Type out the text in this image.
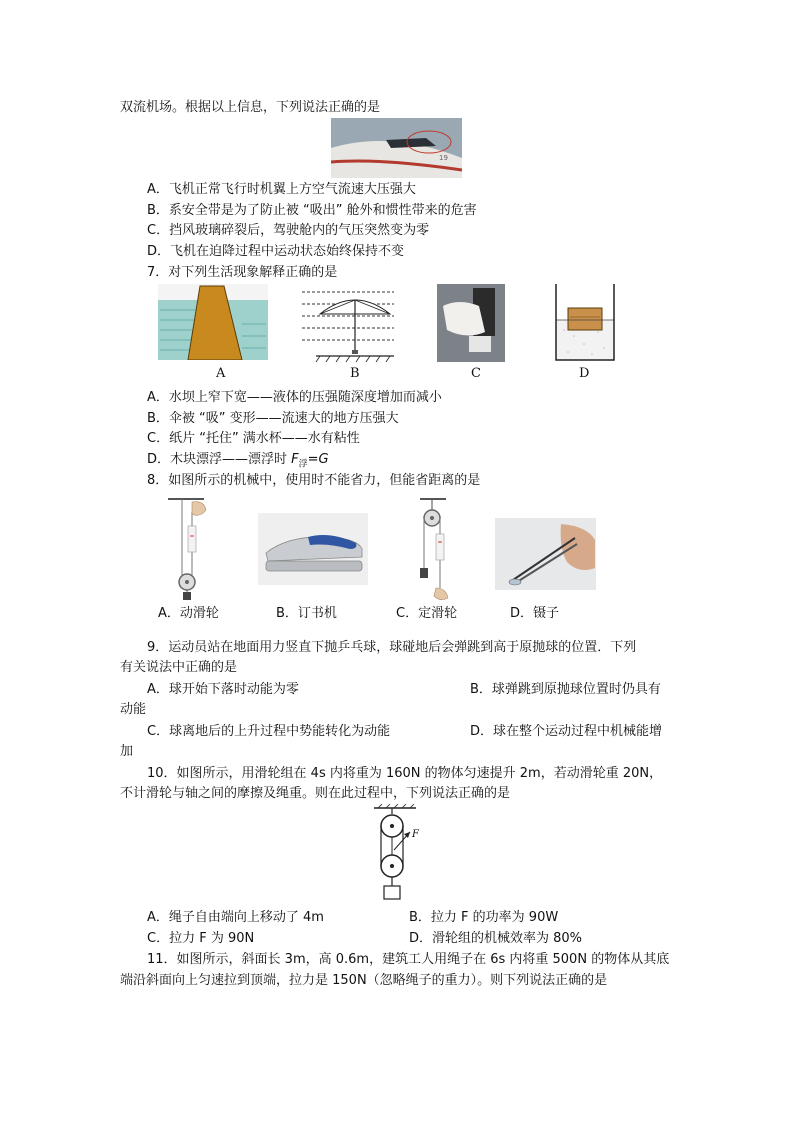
双流机场。根据以上信息，下列说法正确的是
19
A．飞机正常飞行时机翼上方空气流速大压强大
B．系安全带是为了防止被 “吸出” 舱外和惯性带来的危害
C．挡风玻璃碎裂后，驾驶舱内的气压突然变为零
D．飞机在迫降过程中运动状态始终保持不变
7．对下列生活现象解释正确的是
A	B	C	D
A．水坝上窄下宽——液体的压强随深度增加而减小
B．伞被 “吸” 变形——流速大的地方压强大
C．纸片 “托住” 满水杯——水有粘性
D．木块漂浮——漂浮时 $F_浮=G$
8．如图所示的机械中，使用时不能省力，但能省距离的是
A．动滑轮	B．订书机	C．定滑轮	D．镊子
9．运动员站在地面用力竖直下抛乒乓球，球碰地后会弹跳到高于原抛球的位置．下列
有关说法中正确的是
A．球开始下落时动能为零	B．球弹跳到原抛球位置时仍具有
动能
C．球离地后的上升过程中势能转化为动能	D．球在整个运动过程中机械能增
加
10．如图所示，用滑轮组在 4s 内将重为 160N 的物体匀速提升 2m，若动滑轮重 20N，
不计滑轮与轴之间的摩擦及绳重。则在此过程中，下列说法正确的是
F
A．绳子自由端向上移动了 4m	B．拉力 F 的功率为 90W
C．拉力 F 为 90N	D．滑轮组的机械效率为 80%
11．如图所示，斜面长 3m，高 0.6m，建筑工人用绳子在 6s 内将重 500N 的物体从其底
端沿斜面向上匀速拉到顶端，拉力是 150N（忽略绳子的重力）。则下列说法正确的是
